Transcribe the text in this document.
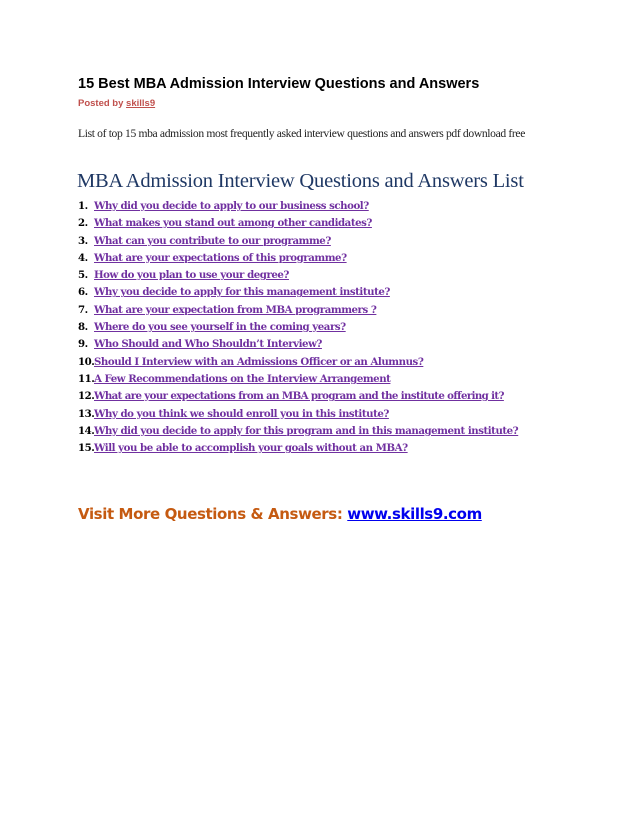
15 Best MBA Admission Interview Questions and Answers
Posted by skills9
List of top 15 mba admission most frequently asked interview questions and answers pdf download free
MBA Admission Interview Questions and Answers List
1. Why did you decide to apply to our business school?
2. What makes you stand out among other candidates?
3. What can you contribute to our programme?
4. What are your expectations of this programme?
5. How do you plan to use your degree?
6. Why you decide to apply for this management institute?
7. What are your expectation from MBA programmers ?
8. Where do you see yourself in the coming years?
9. Who Should and Who Shouldn’t Interview?
10. Should I Interview with an Admissions Officer or an Alumnus?
11. A Few Recommendations on the Interview Arrangement
12. What are your expectations from an MBA program and the institute offering it?
13. Why do you think we should enroll you in this institute?
14. Why did you decide to apply for this program and in this management institute?
15. Will you be able to accomplish your goals without an MBA?
Visit More Questions & Answers: www.skills9.com
